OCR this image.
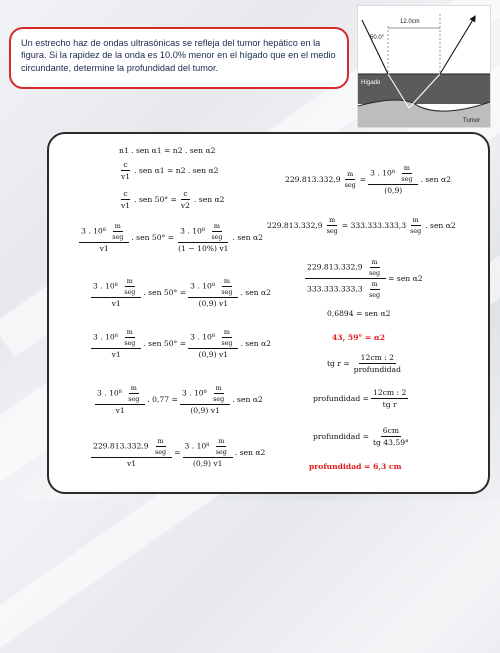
Un estrecho haz de ondas ultrasónicas se refleja del tumor hepático en la figura. Si la rapidez de la onda es 10.0% menor en el hígado que en el medio circundante, determine la profundidad del tumor.
12.0cm
50.0°
Hígado
Tumor
n1 . sen α1 = n2 . sen α2
$\frac{c}{v1}$ . sen α1 = n2 . sen α2
$\frac{c}{v1}$ . sen $50^\circ = \frac{c}{v2}$ . sen α2
$\frac{3 . 10^8 \frac{m}{\text{seg}}}{v1}$ . sen $50^\circ = \frac{3 . 10^8 \frac{m}{\text{seg}}}{(1 - 10\%) v1}$ . sen α2
$\frac{3 . 10^8 \frac{m}{\text{seg}}}{v1}$ . sen $50^\circ = \frac{3 . 10^8 \frac{m}{\text{seg}}}{(0,9) v1}$ . sen α2
$\frac{3 . 10^8 \frac{m}{\text{seg}}}{v1}$ . sen $50^\circ = \frac{3 . 10^8 \frac{m}{\text{seg}}}{(0,9) v1}$ . sen α2
$\frac{3 . 10^8 \frac{m}{\text{seg}}}{v1}$ . $0,77 = \frac{3 . 10^8 \frac{m}{\text{seg}}}{(0,9) v1}$ . sen α2
$\frac{229.813.332,9 \frac{m}{\text{seg}}}{v1} = \frac{3 . 10^8 \frac{m}{\text{seg}}}{(0,9) v1}$ . sen α2
$229.813.332,9 \frac{m}{\text{seg}} = \frac{3 . 10^8 \frac{m}{\text{seg}}}{(0,9)}$ . sen α2
$229.813.332,9 \frac{m}{\text{seg}} = 333.333.333,3 \frac{m}{\text{seg}}$ . sen α2
$\frac{229.813.332,9 \frac{m}{\text{seg}}}{333.333.333,3 \frac{m}{\text{seg}}}$ = sen α2
0,6894 = sen α2
43, 59° = α2
tg $r = \frac{12cm : 2}{\text{profundidad}}$
profundidad = $\frac{12cm : 2}{\text{tg r}}$
profundidad = $\frac{6cm}{tg 43,59^\circ}$
profundidad = 6,3 cm
